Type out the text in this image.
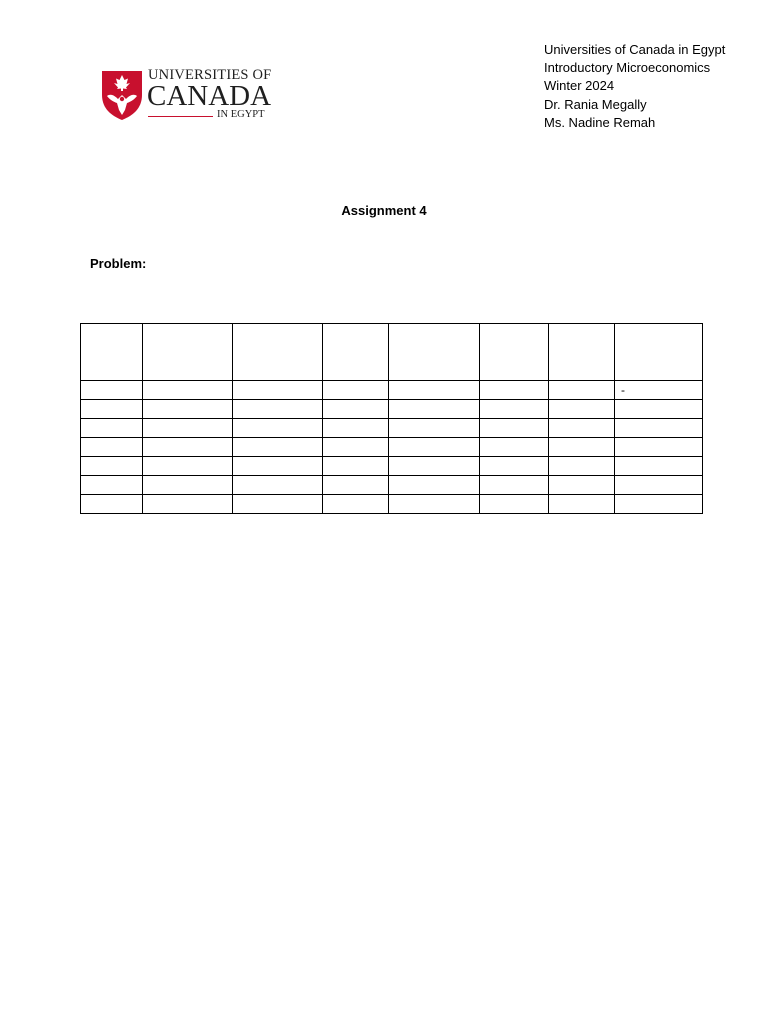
UNIVERSITIES OF
CANADA
IN EGYPT
Universities of Canada in Egypt
Introductory Microeconomics
Winter 2024
Dr. Rania Megally
Ms. Nadine Remah
Assignment 4
Problem:

							-
